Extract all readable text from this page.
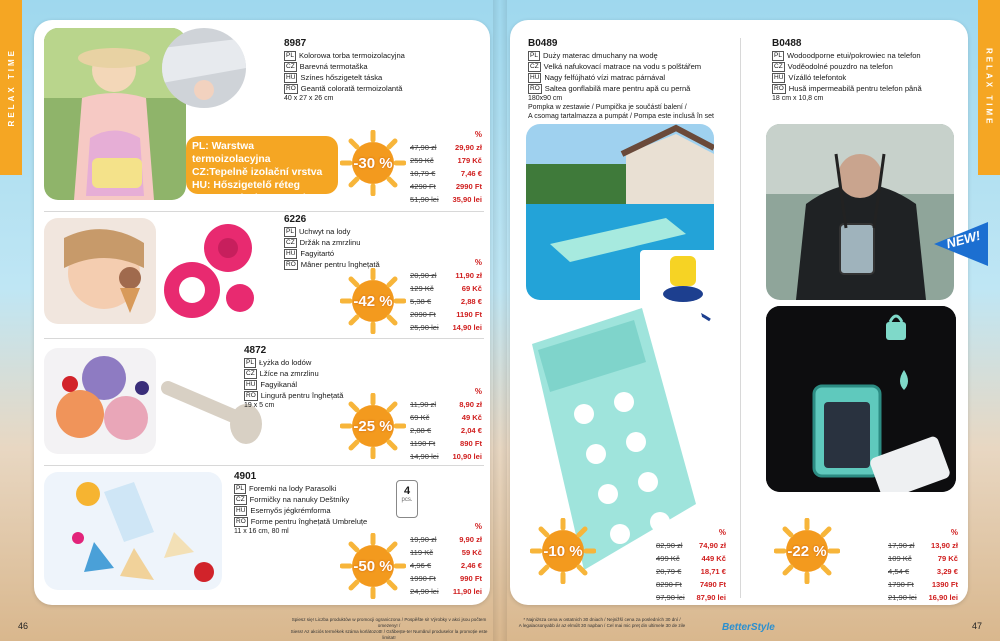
RELAX TIME	RELAX TIME
8987
PL Kolorowa torba termoizolacyjna
CZ Barevná termotaška
HU Színes hőszigetelt táska
RO Geantă colorată termoizolantă
40 x 27 x 26 cm
PL: Warstwa termoizolacyjna
CZ:Tepelně izolační vrstva
HU: Hőszigetelő réteg
RO: Strat izolator termic
-30 %
%
47,90 zł 29,90 zł
259 Kč	179 Kč
10,79 €	7,46 €
4290 Ft	2990 Ft
51,90 lei 35,90 lei
6226
PL Uchwyt na lody
CZ Držák na zmrzlinu
HU Fagyitartó
RO Mâner pentru înghețată
-42 %
%
20,90 zł 11,90 zł
129 Kč	69 Kč
5,38 €	2,88 €
2090 Ft	1190 Ft
25,90 lei 14,90 lei
4872
PL Łyżka do lodów
CZ Lžíce na zmrzlinu
HU Fagyikanál
RO Lingură pentru înghețată
19 x 5 cm
-25 %
%
11,90 zł	8,90 zł
69 Kč	49 Kč
2,88 €	2,04 €
1190 Ft	890 Ft
14,90 lei 10,90 lei
4901
PL Foremki na lody Parasolki
CZ Formičky na nanuky Deštníky
HU Esernyős jégkrémforma
RO Forme pentru înghețată Umbreluțe
11 x 16 cm, 80 ml
4
pcs.
-50 %
%
19,90 zł	9,90 zł
119 Kč	59 Kč
4,96 €	2,46 €
1990 Ft	990 Ft
24,90 lei 11,90 lei
B0489
PL Duży materac dmuchany na wodę
CZ Velká nafukovací matrace na vodu s polštářem
HU Nagy felfújható vízi matrac párnával
RO Saltea gonflabilă mare pentru apă cu pernă
180x90 cm
Pompka w zestawie / Pumpička je součástí balení /
A csomag tartalmazza a pumpát / Pompa este inclusă în set
-10 %
%
82,90 zł 74,90 zł
499 Kč	449 Kč
20,79 €	18,71 €
8290 Ft 7490 Ft
97,90 lei 87,90 lei
B0488
PL Wodoodporne etui/pokrowiec na telefon
CZ Voděodolné pouzdro na telefon
HU Vízálló telefontok
RO Husă impermeabilă pentru telefon până
18 cm x 10,8 cm
NEW!
-22 %
%
17,90 zł 13,90 zł
109 Kč	79 Kč
4,54 €	3,29 €
1790 Ft 1390 Ft
21,90 lei 16,90 lei
46	47
Spiesz się! Liczba produktów w promocji ograniczona / Pospěšte si! Výrobky v akci jsou počtem omezeny! /
Siess! Az akciós termékek száma korlátozott! / Grăbește-te! Numărul produselor la promoție este limitat!
* Najniższa cena w ostatnich 30 dniach / Nejnižší cena za posledních 30 dní /
A legalacsonyabb ár az elmúlt 30 napban / Cel mai mic preț din ultimele 30 de zile	BetterStyle
